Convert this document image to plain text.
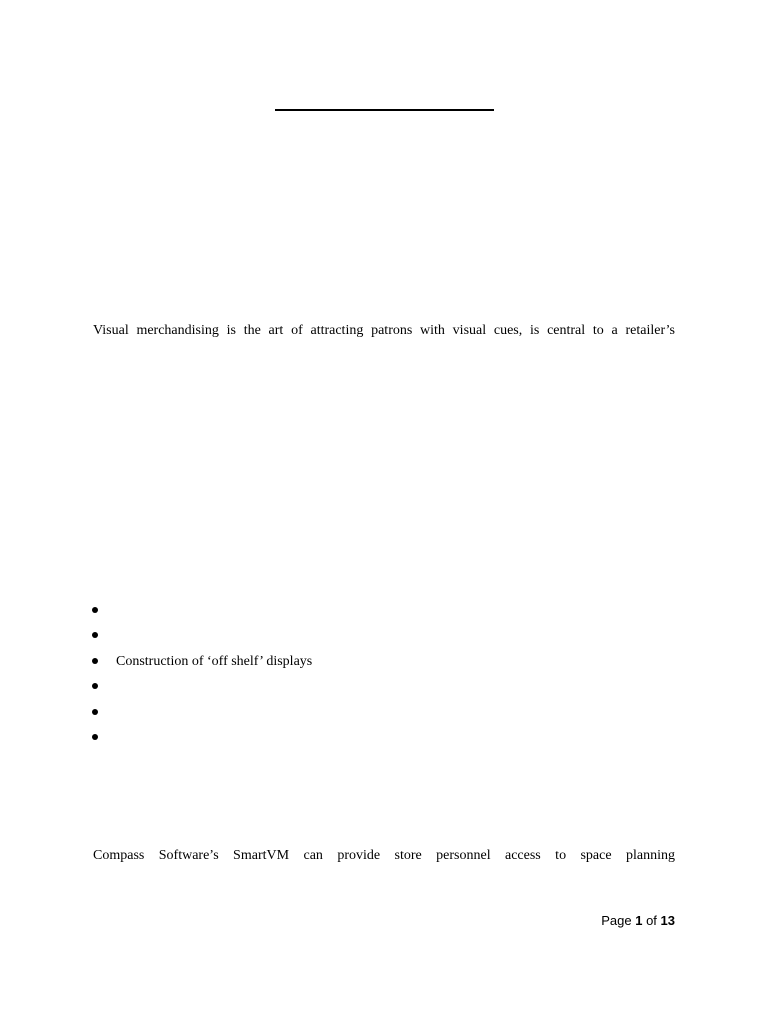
Visual merchandising is the art of attracting patrons with visual cues, is central to a retailer’s
Construction of ‘off shelf’ displays
Compass Software’s SmartVM can provide store personnel access to space planning
Page 1 of 13
